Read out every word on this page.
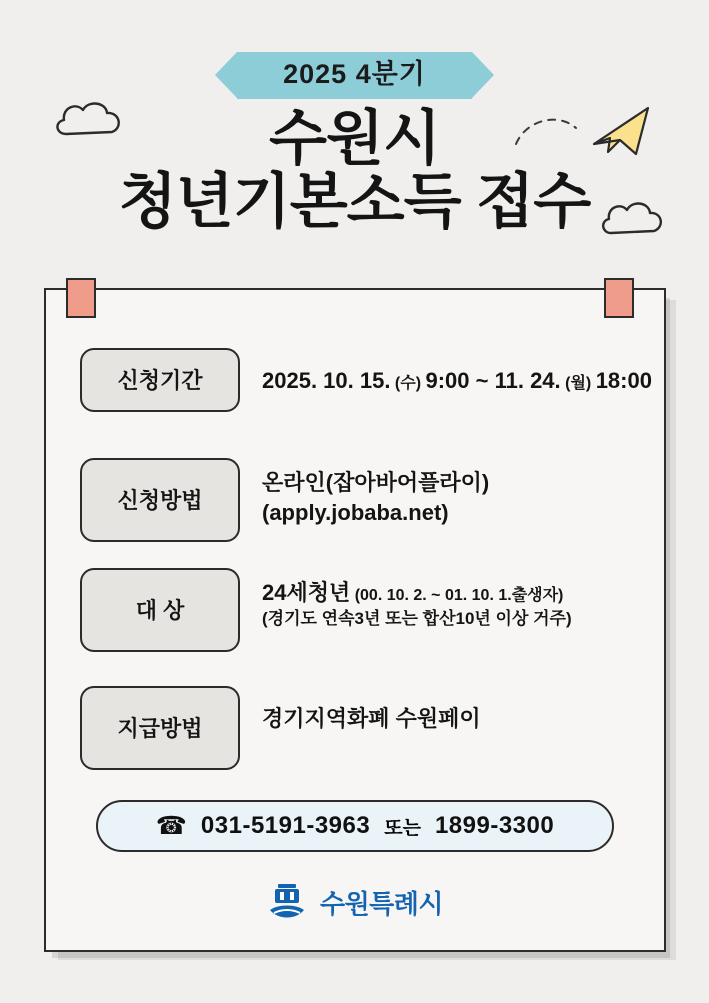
2025 4분기
수원시
청년기본소득 접수
신청기간	2025. 10. 15. (수) 9:00 ~ 11. 24. (월) 18:00
신청방법
온라인(잡아바어플라이)
(apply.jobaba.net)
대 상
24세청년 (00. 10. 2. ~ 01. 10. 1.출생자)
(경기도 연속3년 또는 합산10년 이상 거주)
지급방법	경기지역화폐 수원페이
☎ 031-5191-3963 또는 1899-3300
수원특례시
